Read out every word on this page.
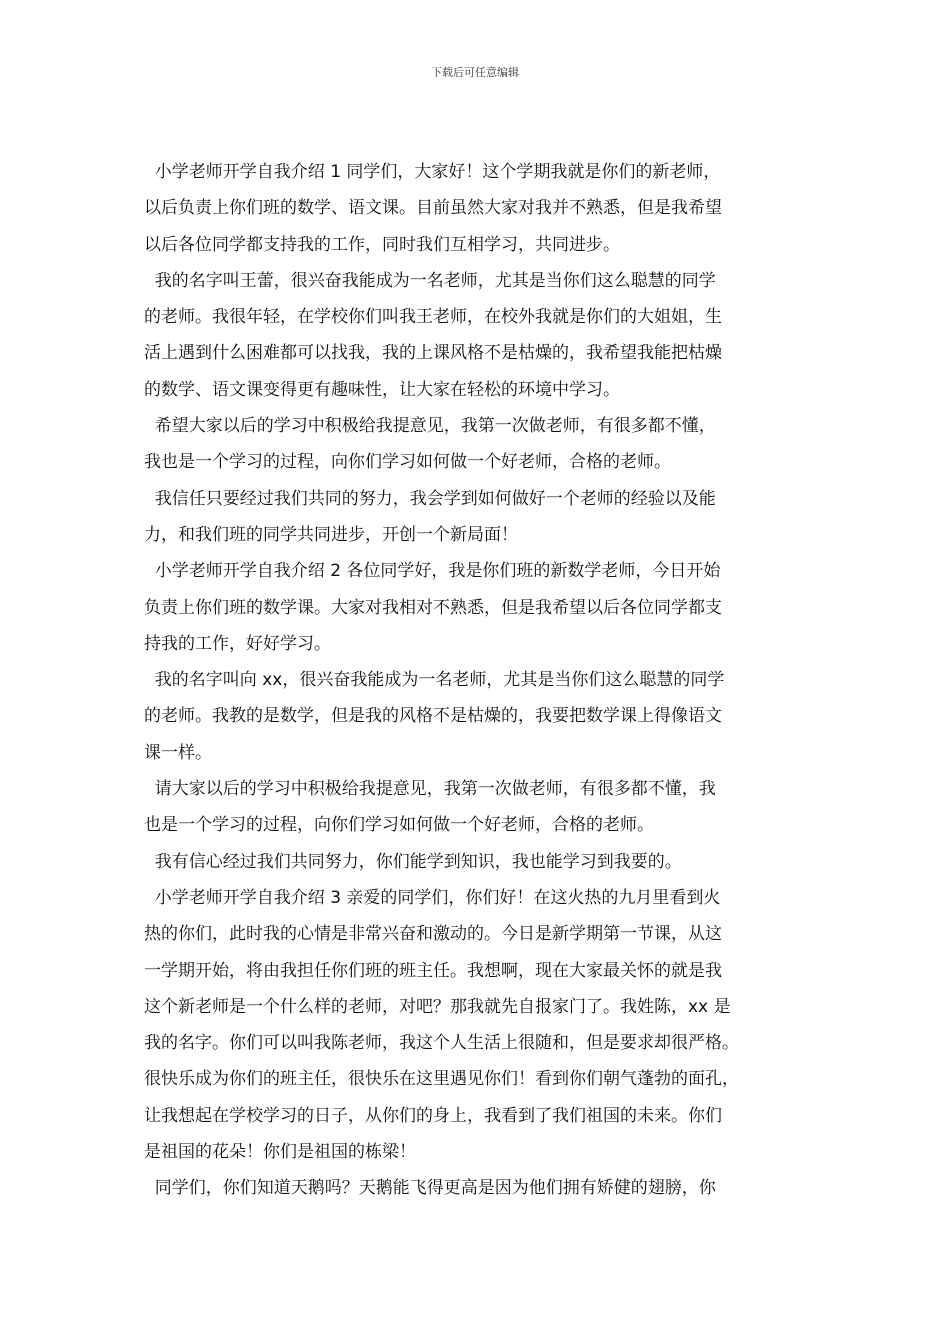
下载后可任意编辑
小学老师开学自我介绍 1 同学们，大家好！这个学期我就是你们的新老师，
以后负责上你们班的数学、语文课。目前虽然大家对我并不熟悉，但是我希望
以后各位同学都支持我的工作，同时我们互相学习，共同进步。
我的名字叫王蕾，很兴奋我能成为一名老师，尤其是当你们这么聪慧的同学
的老师。我很年轻，在学校你们叫我王老师，在校外我就是你们的大姐姐，生
活上遇到什么困难都可以找我，我的上课风格不是枯燥的，我希望我能把枯燥
的数学、语文课变得更有趣味性，让大家在轻松的环境中学习。
希望大家以后的学习中积极给我提意见，我第一次做老师，有很多都不懂，
我也是一个学习的过程，向你们学习如何做一个好老师，合格的老师。
我信任只要经过我们共同的努力，我会学到如何做好一个老师的经验以及能
力，和我们班的同学共同进步，开创一个新局面！
小学老师开学自我介绍 2 各位同学好，我是你们班的新数学老师，今日开始
负责上你们班的数学课。大家对我相对不熟悉，但是我希望以后各位同学都支
持我的工作，好好学习。
我的名字叫向 xx，很兴奋我能成为一名老师，尤其是当你们这么聪慧的同学
的老师。我教的是数学，但是我的风格不是枯燥的，我要把数学课上得像语文
课一样。
请大家以后的学习中积极给我提意见，我第一次做老师，有很多都不懂，我
也是一个学习的过程，向你们学习如何做一个好老师，合格的老师。
我有信心经过我们共同努力，你们能学到知识，我也能学习到我要的。
小学老师开学自我介绍 3 亲爱的同学们，你们好！在这火热的九月里看到火
热的你们，此时我的心情是非常兴奋和激动的。今日是新学期第一节课，从这
一学期开始，将由我担任你们班的班主任。我想啊，现在大家最关怀的就是我
这个新老师是一个什么样的老师，对吧？那我就先自报家门了。我姓陈，xx 是
我的名字。你们可以叫我陈老师，我这个人生活上很随和，但是要求却很严格。
很快乐成为你们的班主任，很快乐在这里遇见你们！看到你们朝气蓬勃的面孔，
让我想起在学校学习的日子，从你们的身上，我看到了我们祖国的未来。你们
是祖国的花朵！你们是祖国的栋梁！
同学们，你们知道天鹅吗？天鹅能飞得更高是因为他们拥有矫健的翅膀，你
